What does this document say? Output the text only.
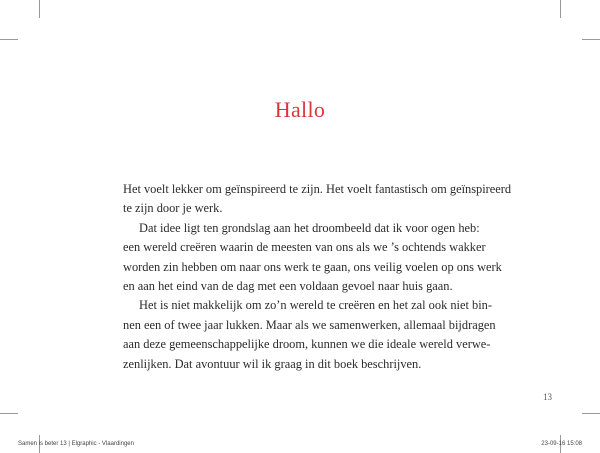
Hallo
Het voelt lekker om geïnspireerd te zijn. Het voelt fantastisch om geïnspireerd
te zijn door je werk.
Dat idee ligt ten grondslag aan het droombeeld dat ik voor ogen heb:
een wereld creëren waarin de meesten van ons als we ’s ochtends wakker
worden zin hebben om naar ons werk te gaan, ons veilig voelen op ons werk
en aan het eind van de dag met een voldaan gevoel naar huis gaan.
Het is niet makkelijk om zo’n wereld te creëren en het zal ook niet bin-
nen een of twee jaar lukken. Maar als we samenwerken, allemaal bijdragen
aan deze gemeenschappelijke droom, kunnen we die ideale wereld verwe-
zenlijken. Dat avontuur wil ik graag in dit boek beschrijven.
13
Samen is beter 13 | Elgraphic - Vlaardingen	23-09-16 15:08
